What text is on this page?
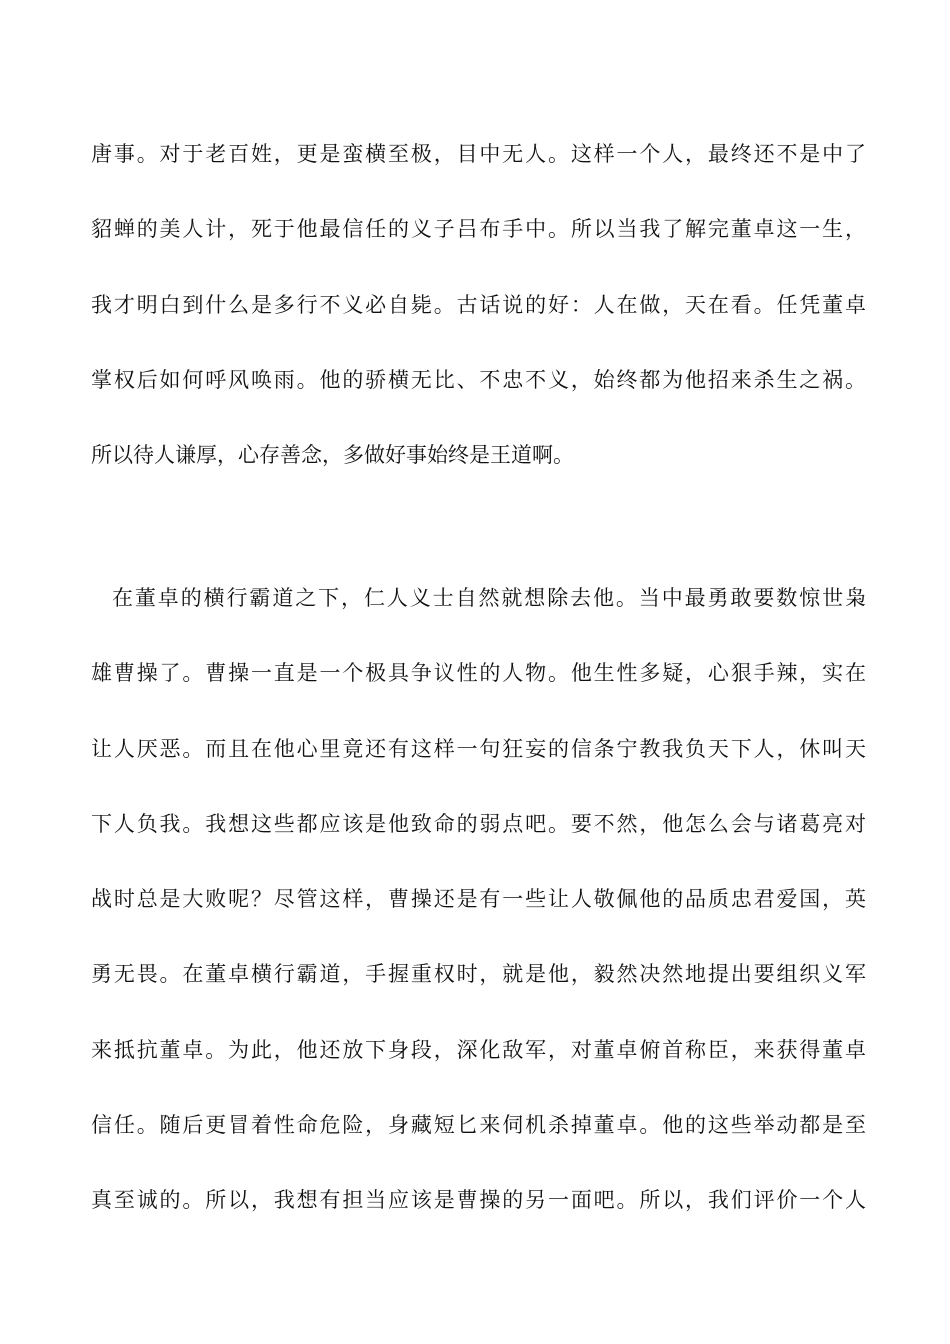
唐事。对于老百姓，更是蛮横至极，目中无人。这样一个人，最终还不是中了
貂蝉的美人计，死于他最信任的义子吕布手中。所以当我了解完董卓这一生，
我才明白到什么是多行不义必自毙。古话说的好：人在做，天在看。任凭董卓
掌权后如何呼风唤雨。他的骄横无比、不忠不义，始终都为他招来杀生之祸。
所以待人谦厚，心存善念，多做好事始终是王道啊。
在董卓的横行霸道之下，仁人义士自然就想除去他。当中最勇敢要数惊世枭
雄曹操了。曹操一直是一个极具争议性的人物。他生性多疑，心狠手辣，实在
让人厌恶。而且在他心里竟还有这样一句狂妄的信条宁教我负天下人，休叫天
下人负我。我想这些都应该是他致命的弱点吧。要不然，他怎么会与诸葛亮对
战时总是大败呢？尽管这样，曹操还是有一些让人敬佩他的品质忠君爱国，英
勇无畏。在董卓横行霸道，手握重权时，就是他，毅然决然地提出要组织义军
来抵抗董卓。为此，他还放下身段，深化敌军，对董卓俯首称臣，来获得董卓
信任。随后更冒着性命危险，身藏短匕来伺机杀掉董卓。他的这些举动都是至
真至诚的。所以，我想有担当应该是曹操的另一面吧。所以，我们评价一个人
